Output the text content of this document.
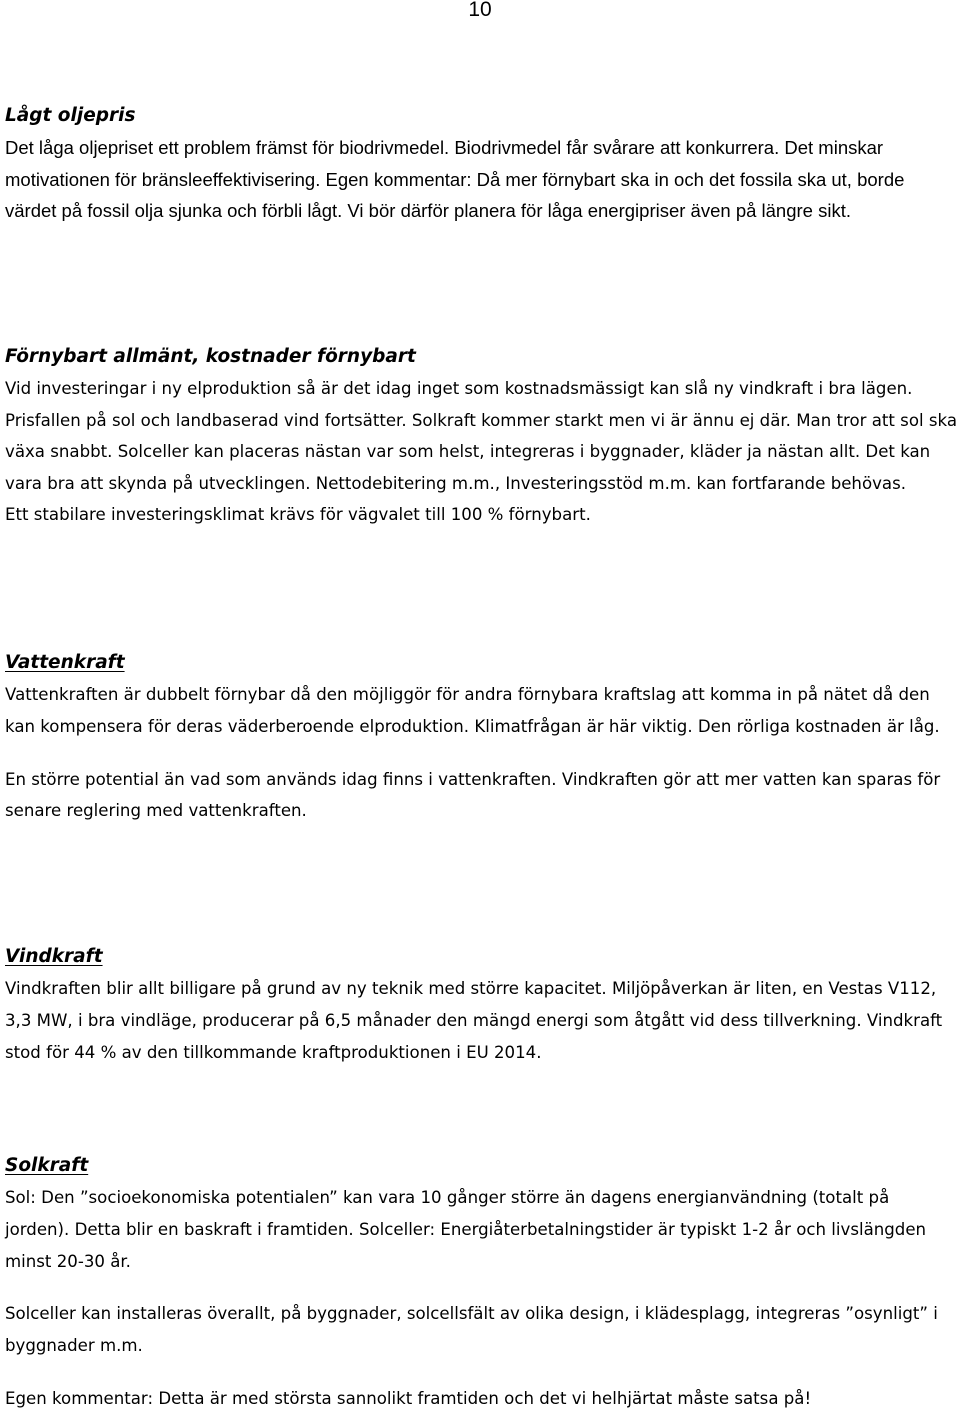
10
Lågt oljepris

Det låga oljepriset ett problem främst för biodrivmedel. Biodrivmedel får svårare att konkurrera. Det minskar motivationen för bränsleeffektivisering. Egen kommentar: Då mer förnybart ska in och det fossila ska ut, borde värdet på fossil olja sjunka och förbli lågt. Vi bör därför planera för låga energipriser även på längre sikt.

Förnybart allmänt, kostnader förnybart

Vid investeringar i ny elproduktion så är det idag inget som kostnadsmässigt kan slå ny vindkraft i bra lägen. Prisfallen på sol och landbaserad vind fortsätter. Solkraft kommer starkt men vi är ännu ej där. Man tror att sol ska växa snabbt. Solceller kan placeras nästan var som helst, integreras i byggnader, kläder ja nästan allt. Det kan vara bra att skynda på utvecklingen. Nettodebitering m.m., Investeringsstöd m.m. kan fortfarande behövas.

Ett stabilare investeringsklimat krävs för vägvalet till 100 % förnybart.

Vattenkraft

Vattenkraften är dubbelt förnybar då den möjliggör för andra förnybara kraftslag att komma in på nätet då den kan kompensera för deras väderberoende elproduktion. Klimatfrågan är här viktig. Den rörliga kostnaden är låg.

En större potential än vad som används idag finns i vattenkraften. Vindkraften gör att mer vatten kan sparas för senare reglering med vattenkraften.

Vindkraft

Vindkraften blir allt billigare på grund av ny teknik med större kapacitet. Miljöpåverkan är liten, en Vestas V112, 3,3 MW, i bra vindläge, producerar på 6,5 månader den mängd energi som åtgått vid dess tillverkning. Vindkraft stod för 44 % av den tillkommande kraftproduktionen i EU 2014.

Solkraft

Sol: Den ”socioekonomiska potentialen” kan vara 10 gånger större än dagens energianvändning (totalt på jorden). Detta blir en baskraft i framtiden. Solceller: Energiåterbetalningstider är typiskt 1-2 år och livslängden minst 20-30 år.

Solceller kan installeras överallt, på byggnader, solcellsfält av olika design, i klädesplagg, integreras ”osynligt” i byggnader m.m.

Egen kommentar: Detta är med största sannolikt framtiden och det vi helhjärtat måste satsa på!
